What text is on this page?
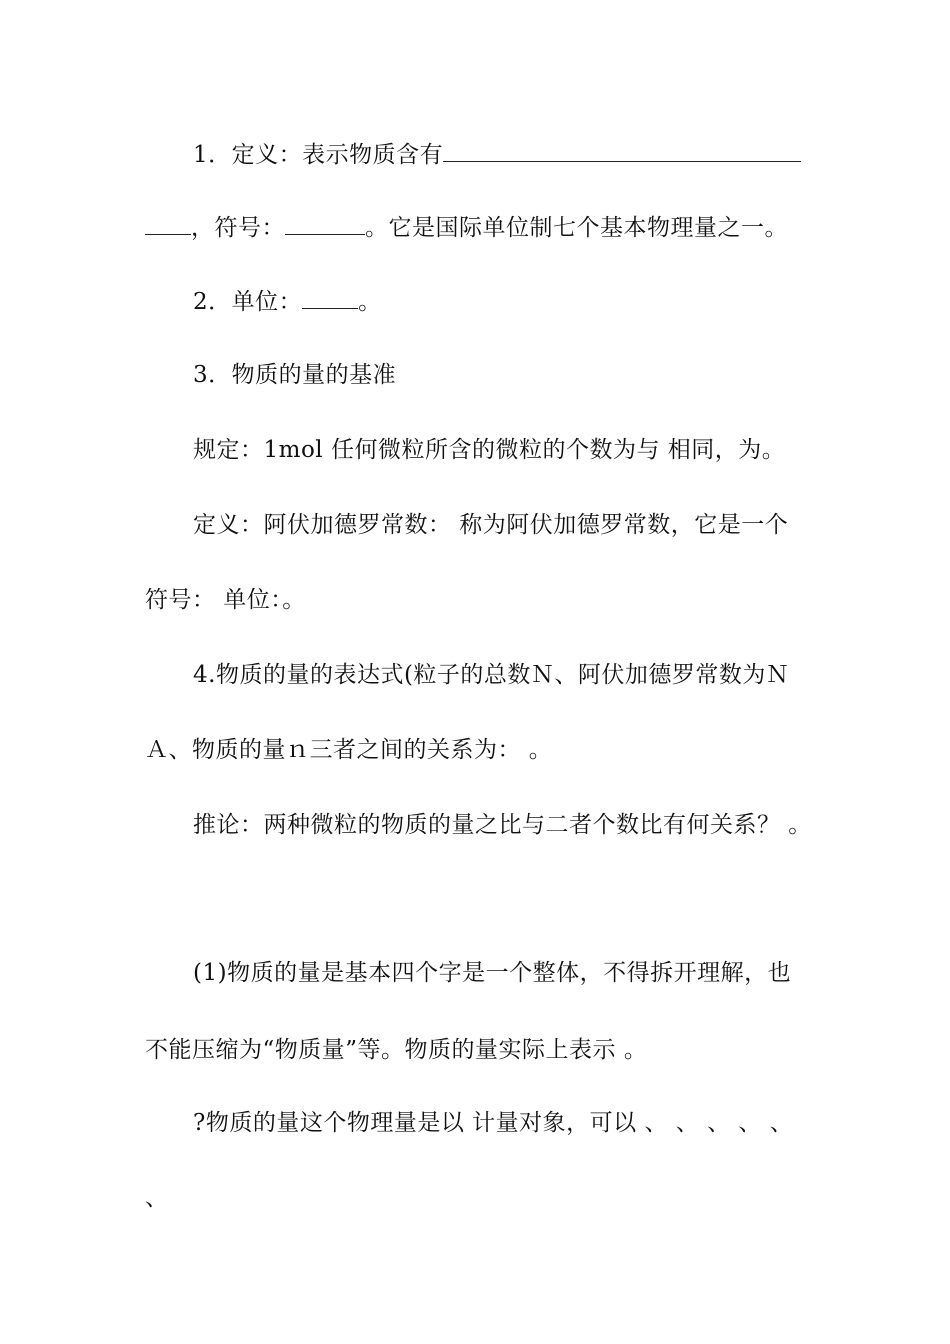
1．定义：表示物质含有
，符号：	。它是国际单位制七个基本物理量之一。
2．单位： 。
3．物质的量的基准
规定：1mol 任何微粒所含的微粒的个数为与 相同，为。
定义：阿伏加德罗常数： 称为阿伏加德罗常数，它是一个
符号： 单位：。
4.物质的量的表达式(粒子的总数Ｎ、阿伏加德罗常数为Ｎ
Ａ、物质的量ｎ三者之间的关系为： 。
推论：两种微粒的物质的量之比与二者个数比有何关系？ 。
(1)物质的量是基本四个字是一个整体，不得拆开理解，也
不能压缩为“物质量”等。物质的量实际上表示 。
?物质的量这个物理量是以 计量对象，可以 、 、 、 、 、
、
